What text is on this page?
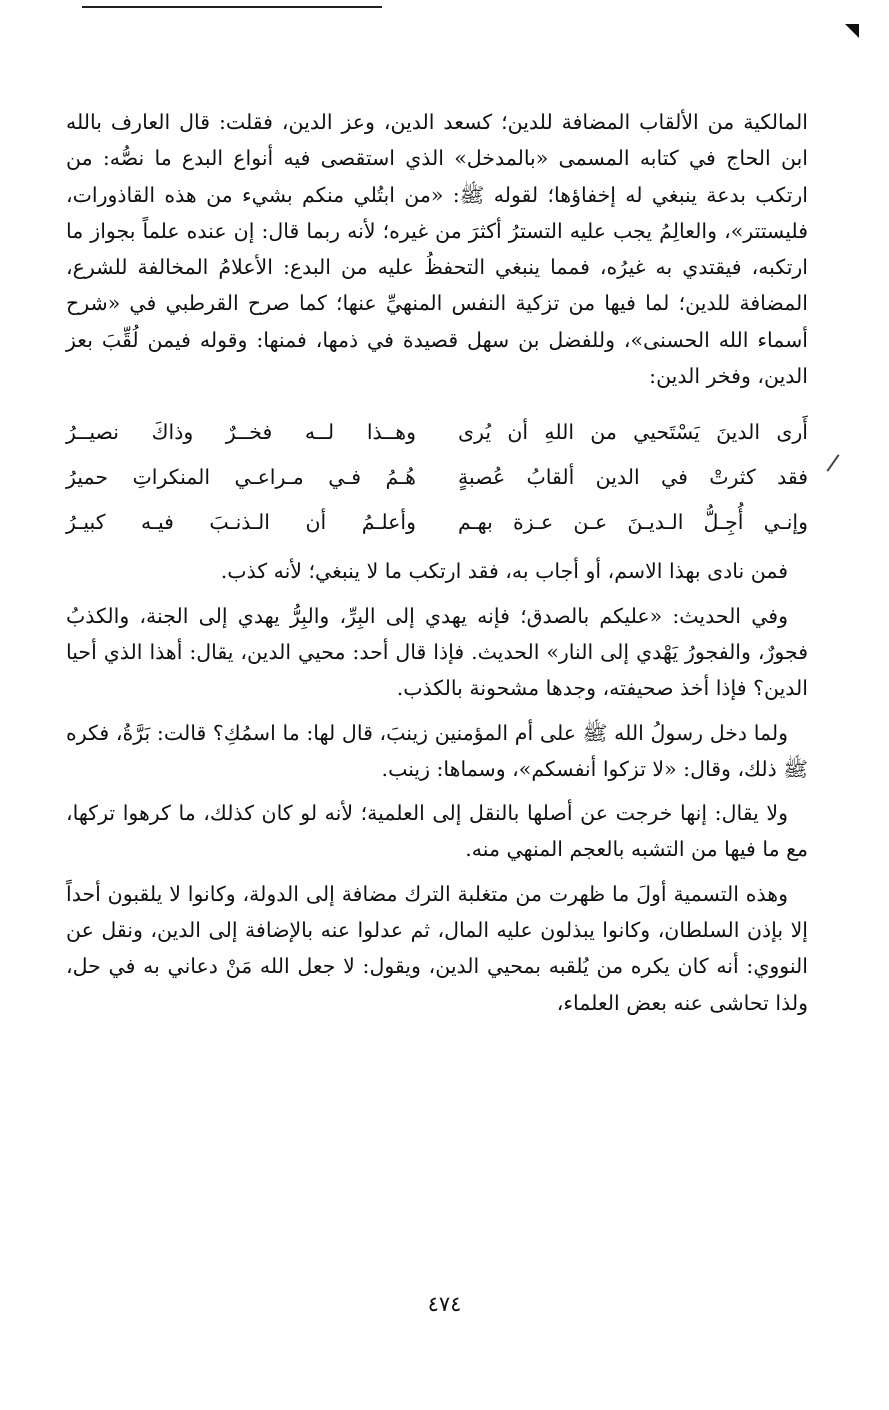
المالكية من الألقاب المضافة للدين؛ كسعد الدين، وعز الدين، فقلت: قال العارف بالله ابن الحاج في كتابه المسمى «بالمدخل» الذي استقصى فيه أنواع البدع ما نصُّه: من ارتكب بدعة ينبغي له إخفاؤها؛ لقوله ﷺ: «من ابتُلي منكم بشيء من هذه القاذورات، فليستتر»، والعالِمُ يجب عليه التسترُ أكثرَ من غيره؛ لأنه ربما قال: إن عنده علماً بجواز ما ارتكبه، فيقتدي به غيرُه، فمما ينبغي التحفظُ عليه من البدع: الأعلامُ المخالفة للشرع، المضافة للدين؛ لما فيها من تزكية النفس المنهيِّ عنها؛ كما صرح القرطبي في «شرح أسماء الله الحسنى»، وللفضل بن سهل قصيدة في ذمها، فمنها: وقوله فيمن لُقِّبَ بعز الدين، وفخر الدين:

أَرى الدينَ يَسْتَحيي من اللهِ أن يُرى
وهــذا لــه فخــرٌ وذاكَ نصيــرُ
فقد كثرتْ في الدين ألقابُ عُصبةٍ
هُـمُ فـي مـراعـي المنكراتِ حميرُ
وإنـي أُجِـلُّ الـديـنَ عـن عـزة بهـم
وأعلـمُ أن الـذنـبَ فيـه كبيـرُ

فمن نادى بهذا الاسم، أو أجاب به، فقد ارتكب ما لا ينبغي؛ لأنه كذب.

وفي الحديث: «عليكم بالصدق؛ فإنه يهدي إلى البِرِّ، والبِرُّ يهدي إلى الجنة، والكذبُ فجورٌ، والفجورُ يَهْدي إلى النار» الحديث. فإذا قال أحد: محيي الدين، يقال: أهذا الذي أحيا الدين؟ فإذا أخذ صحيفته، وجدها مشحونة بالكذب.

ولما دخل رسولُ الله ﷺ على أم المؤمنين زينبَ، قال لها: ما اسمُكِ؟ قالت: بَرَّةُ، فكره ﷺ ذلك، وقال: «لا تزكوا أنفسكم»، وسماها: زينب.

ولا يقال: إنها خرجت عن أصلها بالنقل إلى العلمية؛ لأنه لو كان كذلك، ما كرهوا تركها، مع ما فيها من التشبه بالعجم المنهي منه.

وهذه التسمية أولَ ما ظهرت من متغلبة الترك مضافة إلى الدولة، وكانوا لا يلقبون أحداً إلا بإذن السلطان، وكانوا يبذلون عليه المال، ثم عدلوا عنه بالإضافة إلى الدين، ونقل عن النووي: أنه كان يكره من يُلقبه بمحيي الدين، ويقول: لا جعل الله مَنْ دعاني به في حل، ولذا تحاشى عنه بعض العلماء،

٤٧٤
